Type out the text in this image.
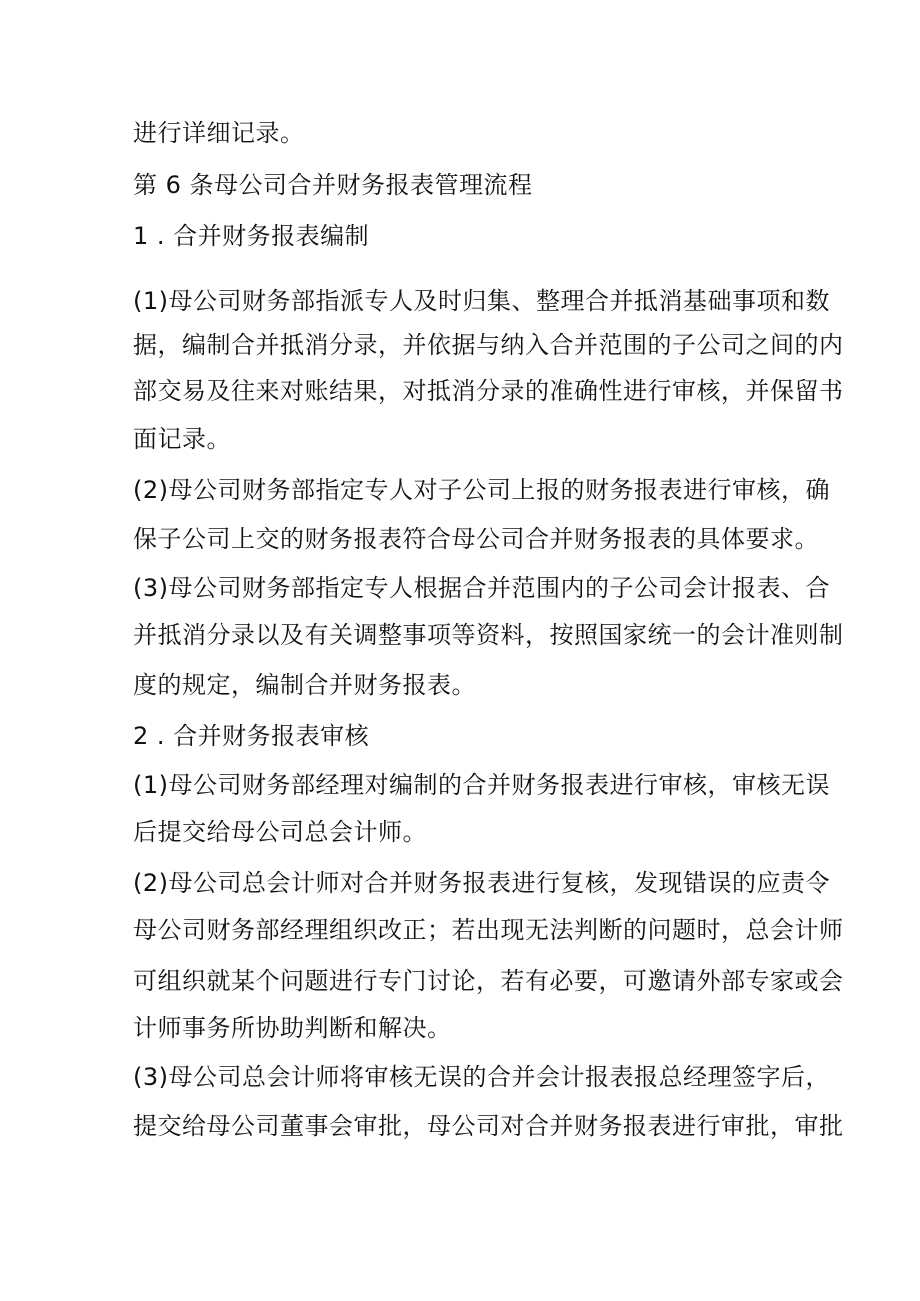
进行详细记录。
第 6 条母公司合并财务报表管理流程
1 . 合并财务报表编制
(1)母公司财务部指派专人及时归集、整理合并抵消基础事项和数
据，编制合并抵消分录，并依据与纳入合并范围的子公司之间的内
部交易及往来对账结果，对抵消分录的准确性进行审核，并保留书
面记录。
(2)母公司财务部指定专人对子公司上报的财务报表进行审核，确
保子公司上交的财务报表符合母公司合并财务报表的具体要求。
(3)母公司财务部指定专人根据合并范围内的子公司会计报表、合
并抵消分录以及有关调整事项等资料，按照国家统一的会计准则制
度的规定，编制合并财务报表。
2 . 合并财务报表审核
(1)母公司财务部经理对编制的合并财务报表进行审核，审核无误
后提交给母公司总会计师。
(2)母公司总会计师对合并财务报表进行复核，发现错误的应责令
母公司财务部经理组织改正；若出现无法判断的问题时，总会计师
可组织就某个问题进行专门讨论，若有必要，可邀请外部专家或会
计师事务所协助判断和解决。
(3)母公司总会计师将审核无误的合并会计报表报总经理签字后，
提交给母公司董事会审批，母公司对合并财务报表进行审批，审批
